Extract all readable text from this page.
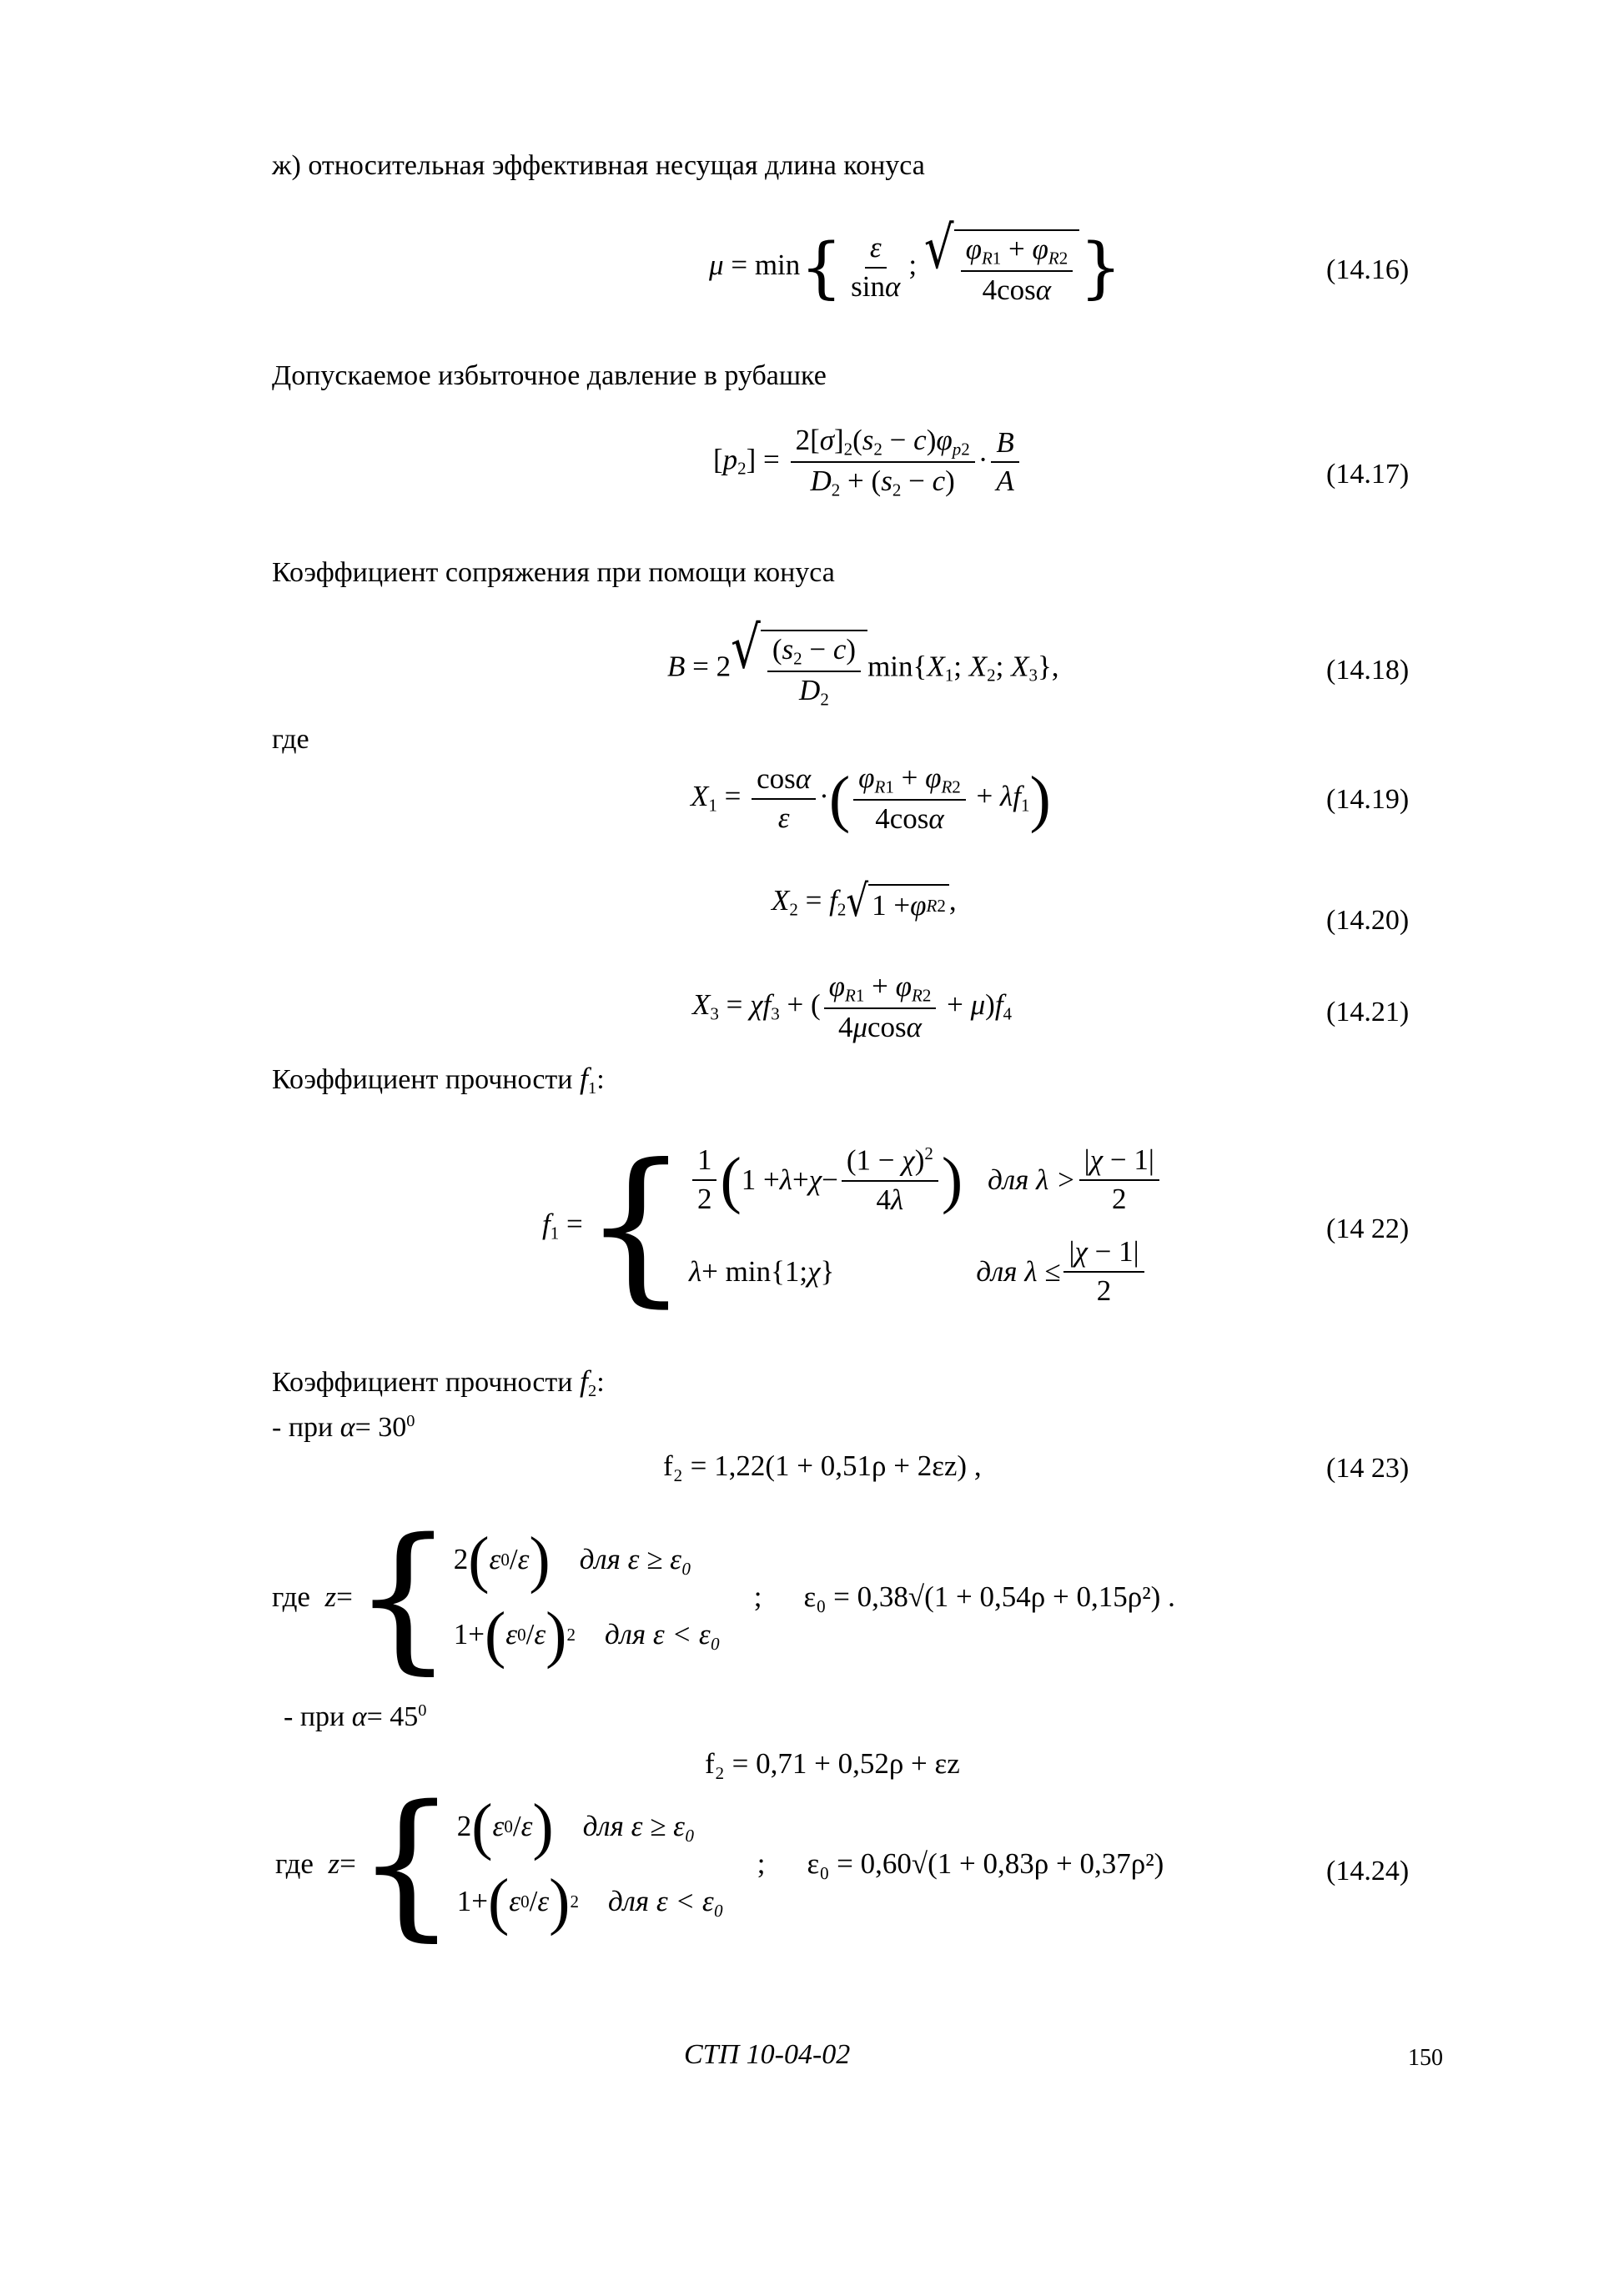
ж) относительная эффективная несущая длина конуса
$\mu = \min\{ \frac{\varepsilon}{\sin\alpha}$ ; √ $\frac{\varphi_{R1} + \varphi_{R2}}{4\cos\alpha}$ }	(14.16)
Допускаемое избыточное давление в рубашке
$[p_2] = \frac{2[\sigma]_2(s_2 - c)\varphi_{p2}}{D_2 + (s_2 - c)} \cdot \frac{B}{A}$	(14.17)
Коэффициент сопряжения при помощи конуса
B = 2 √ $\frac{(s_2 - c)}{D_2} \min\{X_1$; $X_2$; $X_3$},	(14.18)
где
$X_1 = \frac{\cos\alpha}{\varepsilon}$ ·( $\frac{\varphi_{R1} + \varphi_{R2}}{4\cos\alpha} + \lambda f_1$)	(14.19)
$X_2 = f_2$ √ 1 + φ R2 ,
(14.20)
$X_3 = \chi f_3$ + ( $\frac{\varphi_{R1} + \varphi_{R2}}{4\mu\cos\alpha} + \mu)f_4$	(14.21)
Коэффициент прочности $f_1$:
$f_1$ = { $\frac{1}{2}$ ( $1 + \lambda + \chi - \frac{(1 - \chi)^2}{4\lambda}$ ) для $\lambda > \frac{|\chi - 1|}{2}$
λ + min{1; χ }	для $\lambda \le \frac{|\chi - 1|}{2}$
(14 22)
Коэффициент прочности $f_2$:
- при $\alpha= 30^0$
f₂ = 1,22(1 + 0,51ρ + 2εz) ,	(14 23)
где
z = { 2 ( ε 0 / ε )
для ε ≥ ε₀
1+ ( ε 0 / ε ) 2
для ε < ε₀
; ε₀ = 0,38√(1 + 0,54ρ + 0,15ρ²) .
- при $\alpha= 45^0$
f₂ = 0,71 + 0,52ρ + εz
где
z = { 2 ( ε 0 / ε )
для ε ≥ ε₀
1+ ( ε 0 / ε ) 2
для ε < ε₀
; ε₀ = 0,60√(1 + 0,83ρ + 0,37ρ²)	(14.24)
СТП 10-04-02	150
